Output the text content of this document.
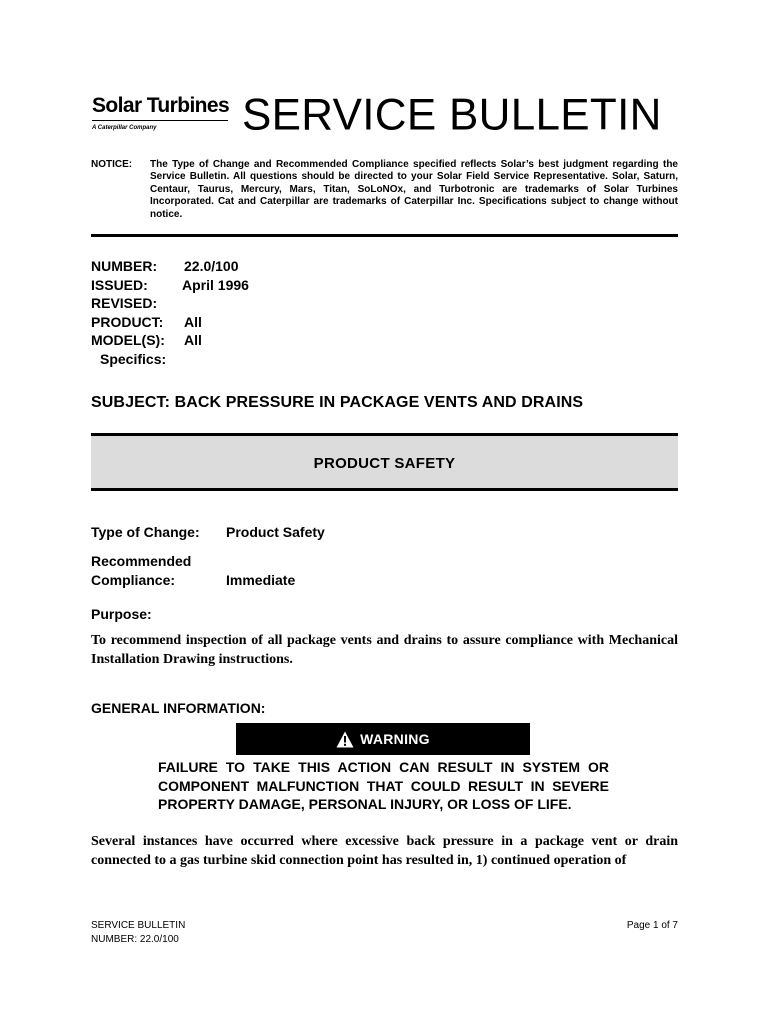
Solar Turbines
A Caterpillar Company SERVICE BULLETIN
NOTICE: The Type of Change and Recommended Compliance specified reflects Solar’s best judgment regarding the Service Bulletin. All questions should be directed to your Solar Field Service Representative. Solar, Saturn, Centaur, Taurus, Mercury, Mars, Titan, SoLoNOx, and Turbotronic are trademarks of Solar Turbines Incorporated. Cat and Caterpillar are trademarks of Caterpillar Inc. Specifications subject to change without notice.
NUMBER: 22.0/100
ISSUED: April 1996
REVISED:
PRODUCT: All
MODEL(S): All
Specifics:
SUBJECT: BACK PRESSURE IN PACKAGE VENTS AND DRAINS
PRODUCT SAFETY
Type of Change: Product Safety
Recommended
Compliance:	Immediate
Purpose:
To recommend inspection of all package vents and drains to assure compliance with Mechanical Installation Drawing instructions.
GENERAL INFORMATION:
WARNING
FAILURE TO TAKE THIS ACTION CAN RESULT IN SYSTEM OR COMPONENT MALFUNCTION THAT COULD RESULT IN SEVERE PROPERTY DAMAGE, PERSONAL INJURY, OR LOSS OF LIFE.
Several instances have occurred where excessive back pressure in a package vent or drain connected to a gas turbine skid connection point has resulted in, 1) continued operation of
SERVICE BULLETIN
NUMBER: 22.0/100
Page 1 of 7
